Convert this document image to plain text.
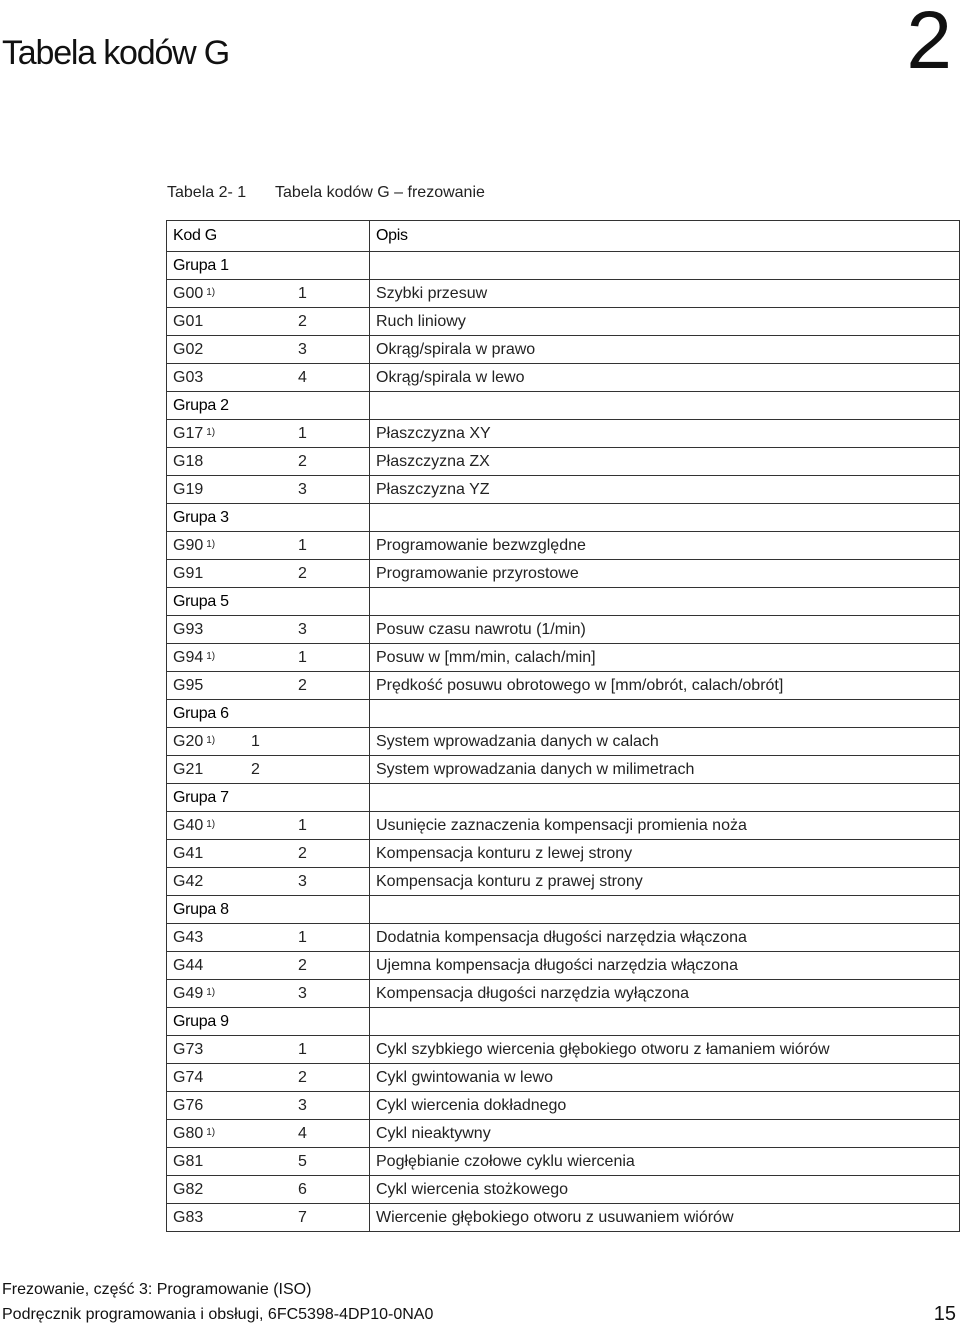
Tabela kodów G	2
Tabela 2- 1 Tabela kodów G – frezowanie
Kod G	Opis
Grupa 1	
G00 $^{1)}$ 1	Szybki przesuw
G01 2	Ruch liniowy
G02 3	Okrąg/spirala w prawo
G03 4	Okrąg/spirala w lewo
Grupa 2	
G17 $^{1)}$ 1	Płaszczyzna XY
G18 2	Płaszczyzna ZX
G19 3	Płaszczyzna YZ
Grupa 3	
G90 $^{1)}$ 1	Programowanie bezwzględne
G91 2	Programowanie przyrostowe
Grupa 5	
G93 3	Posuw czasu nawrotu (1/min)
G94 $^{1)}$ 1	Posuw w [mm/min, calach/min]
G95 2	Prędkość posuwu obrotowego w [mm/obrót, calach/obrót]
Grupa 6	
G20 $^{1)}$ 1	System wprowadzania danych w calach
G21 2	System wprowadzania danych w milimetrach
Grupa 7	
G40 $^{1)}$ 1	Usunięcie zaznaczenia kompensacji promienia noża
G41 2	Kompensacja konturu z lewej strony
G42 3	Kompensacja konturu z prawej strony
Grupa 8	
G43 1	Dodatnia kompensacja długości narzędzia włączona
G44 2	Ujemna kompensacja długości narzędzia włączona
G49 $^{1)}$ 3	Kompensacja długości narzędzia wyłączona
Grupa 9	
G73 1	Cykl szybkiego wiercenia głębokiego otworu z łamaniem wiórów
G74 2	Cykl gwintowania w lewo
G76 3	Cykl wiercenia dokładnego
G80 $^{1)}$ 4	Cykl nieaktywny
G81 5	Pogłębianie czołowe cyklu wiercenia
G82 6	Cykl wiercenia stożkowego
G83 7	Wiercenie głębokiego otworu z usuwaniem wiórów
Frezowanie, część 3: Programowanie (ISO)
Podręcznik programowania i obsługi, 6FC5398-4DP10-0NA0	15
